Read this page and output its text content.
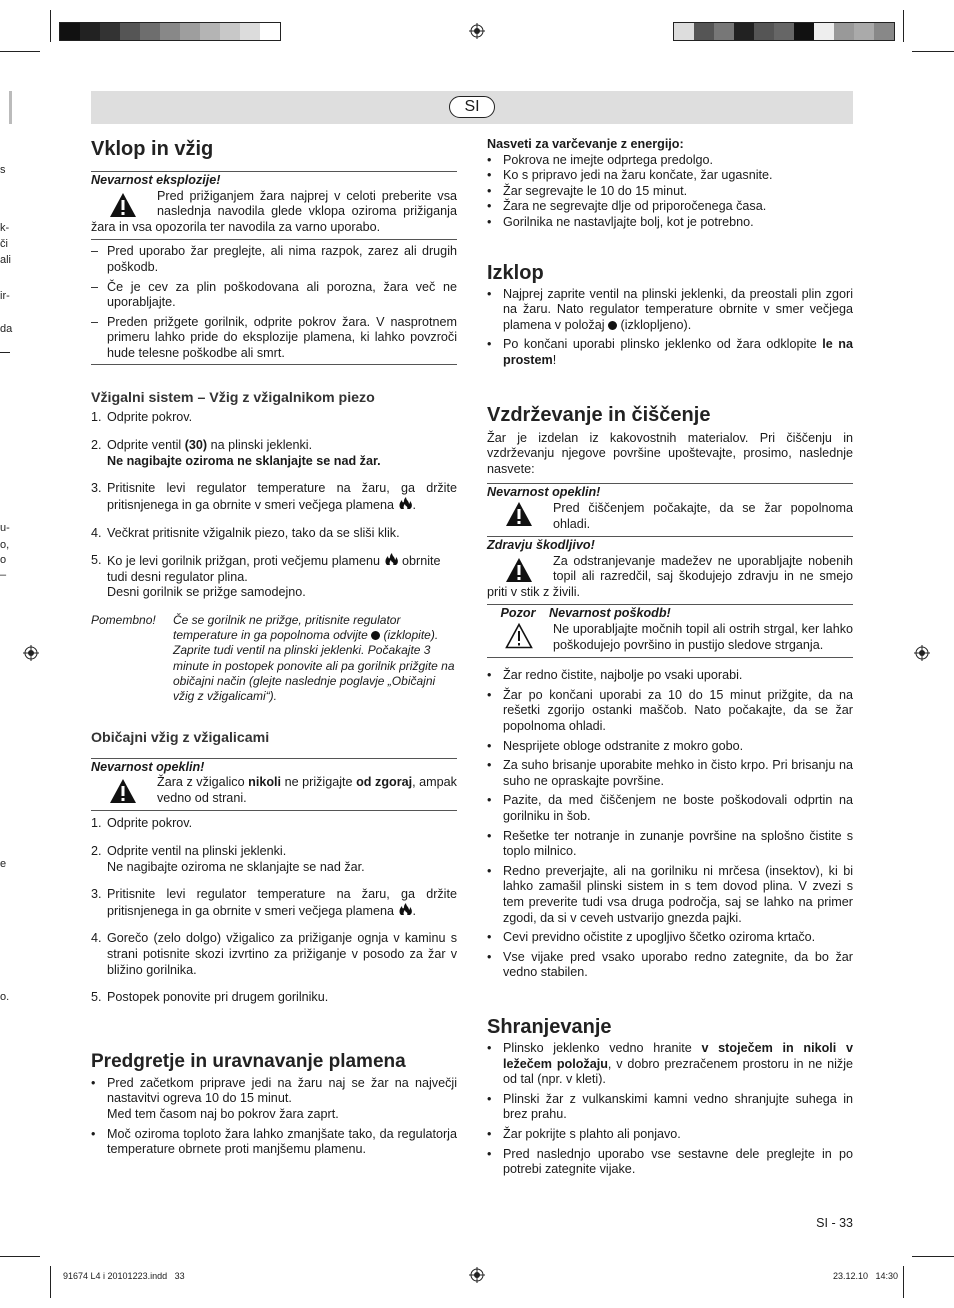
s
k-
či
ali
ir-
da
u-
o,
o
–
e
o.
SI
Vklop in vžig
Nevarnost eksplozije!

Pred prižiganjem žara najprej v celoti preberite vsa naslednja navodila glede vklopa oziroma prižiganja žara in vsa opozorila ter navodila za varno uporabo.

– Pred uporabo žar preglejte, ali nima razpok, zarez ali drugih poškodb.
– Če je cev za plin poškodovana ali porozna, žara več ne uporabljajte.
– Preden prižgete gorilnik, odprite pokrov žara. V nasprotnem primeru lahko pride do eksplozije plamena, ki lahko povzroči hude telesne poškodbe ali smrt.
Vžigalni sistem – Vžig z vžigalnikom piezo
1. Odprite pokrov.
2. Odprite ventil (30) na plinski jeklenki.
Ne nagibajte oziroma ne sklanjajte se nad žar.
3. Pritisnite levi regulator temperature na žaru, ga držite pritisnjenega in ga obrnite v smeri večjega plamena .
4. Večkrat pritisnite vžigalnik piezo, tako da se sliši klik.
5. Ko je levi gorilnik prižgan, proti večjemu plamenu  obrnite tudi desni regulator plina.
Desni gorilnik se prižge samodejno.
Pomembno!	Če se gorilnik ne prižge, pritisnite regulator temperature in ga popolnoma odvijte  (izklopite). Zaprite tudi ventil na plinski jeklenki. Počakajte 3 minute in postopek ponovite ali pa gorilnik prižgite na običajni način (glejte naslednje poglavje „Običajni vžig z vžigalicami“).
Običajni vžig z vžigalicami
Nevarnost opeklin!

Žara z vžigalico nikoli ne prižigajte od zgoraj, ampak vedno od strani.

1. Odprite pokrov.
2. Odprite ventil na plinski jeklenki.
Ne nagibajte oziroma ne sklanjajte se nad žar.
3. Pritisnite levi regulator temperature na žaru, ga držite pritisnjenega in ga obrnite v smeri večjega plamena .
4. Gorečo (zelo dolgo) vžigalico za prižiganje ognja v kaminu s strani potisnite skozi izvrtino za prižiganje v posodo za žar v bližino gorilnika.
5. Postopek ponovite pri drugem gorilniku.
Predgretje in uravnavanje plamena
• Pred začetkom priprave jedi na žaru naj se žar na največji nastavitvi ogreva 10 do 15 minut.
Med tem časom naj bo pokrov žara zaprt.
• Moč oziroma toploto žara lahko zmanjšate tako, da regulatorja temperature obrnete proti manjšemu plamenu.
Nasveti za varčevanje z energijo:
• Pokrova ne imejte odprtega predolgo.
• Ko s pripravo jedi na žaru končate, žar ugasnite.
• Žar segrevajte le 10 do 15 minut.
• Žara ne segrevajte dlje od priporočenega časa.
• Gorilnika ne nastavljajte bolj, kot je potrebno.
Izklop
• Najprej zaprite ventil na plinski jeklenki, da preostali plin zgori na žaru. Nato regulator temperature obrnite v smer večjega plamena v položaj  (izklopljeno).
• Po končani uporabi plinsko jeklenko od žara odklopite le na prostem!
Vzdrževanje in čiščenje

Žar je izdelan iz kakovostnih materialov. Pri čiščenju in vzdrževanju njegove površine upoštevajte, prosimo, naslednje nasvete:

Nevarnost opeklin!

Pred čiščenjem počakajte, da se žar popolnoma ohladi.

Zdravju škodljivo!

Za odstranjevanje madežev ne uporabljajte nobenih topil ali razredčil, saj škodujejo zdravju in ne smejo priti v stik z živili.

Pozor Nevarnost poškodb!

Ne uporabljajte močnih topil ali ostrih strgal, ker lahko poškodujejo površino in pustijo sledove strganja.

• Žar redno čistite, najbolje po vsaki uporabi.
• Žar po končani uporabi za 10 do 15 minut prižgite, da na rešetki zgorijo ostanki maščob. Nato počakajte, da se žar popolnoma ohladi.
• Nesprijete obloge odstranite z mokro gobo.
• Za suho brisanje uporabite mehko in čisto krpo. Pri brisanju na suho ne opraskajte površine.
• Pazite, da med čiščenjem ne boste poškodovali odprtin na gorilniku in šob.
• Rešetke ter notranje in zunanje površine na splošno čistite s toplo milnico.
• Redno preverjajte, ali na gorilniku ni mrčesa (insektov), ki bi lahko zamašil plinski sistem in s tem dovod plina. V zvezi s tem preverite tudi vsa druga področja, saj se lahko na primer zgodi, da si v ceveh ustvarijo gnezda pajki.
• Cevi previdno očistite z upogljivo ščetko oziroma krtačo.
• Vse vijake pred vsako uporabo redno zategnite, da bo žar vedno stabilen.
Shranjevanje
• Plinsko jeklenko vedno hranite v stoječem in nikoli v ležečem položaju, v dobro prezračenem prostoru in ne nižje od tal (npr. v kleti).
• Plinski žar z vulkanskimi kamni vedno shranjujte suhega in brez prahu.
• Žar pokrijte s plahto ali ponjavo.
• Pred naslednjo uporabo vse sestavne dele preglejte in po potrebi zategnite vijake.
SI - 33
91674 L4 i 20101223.indd   33	23.12.10   14:30
